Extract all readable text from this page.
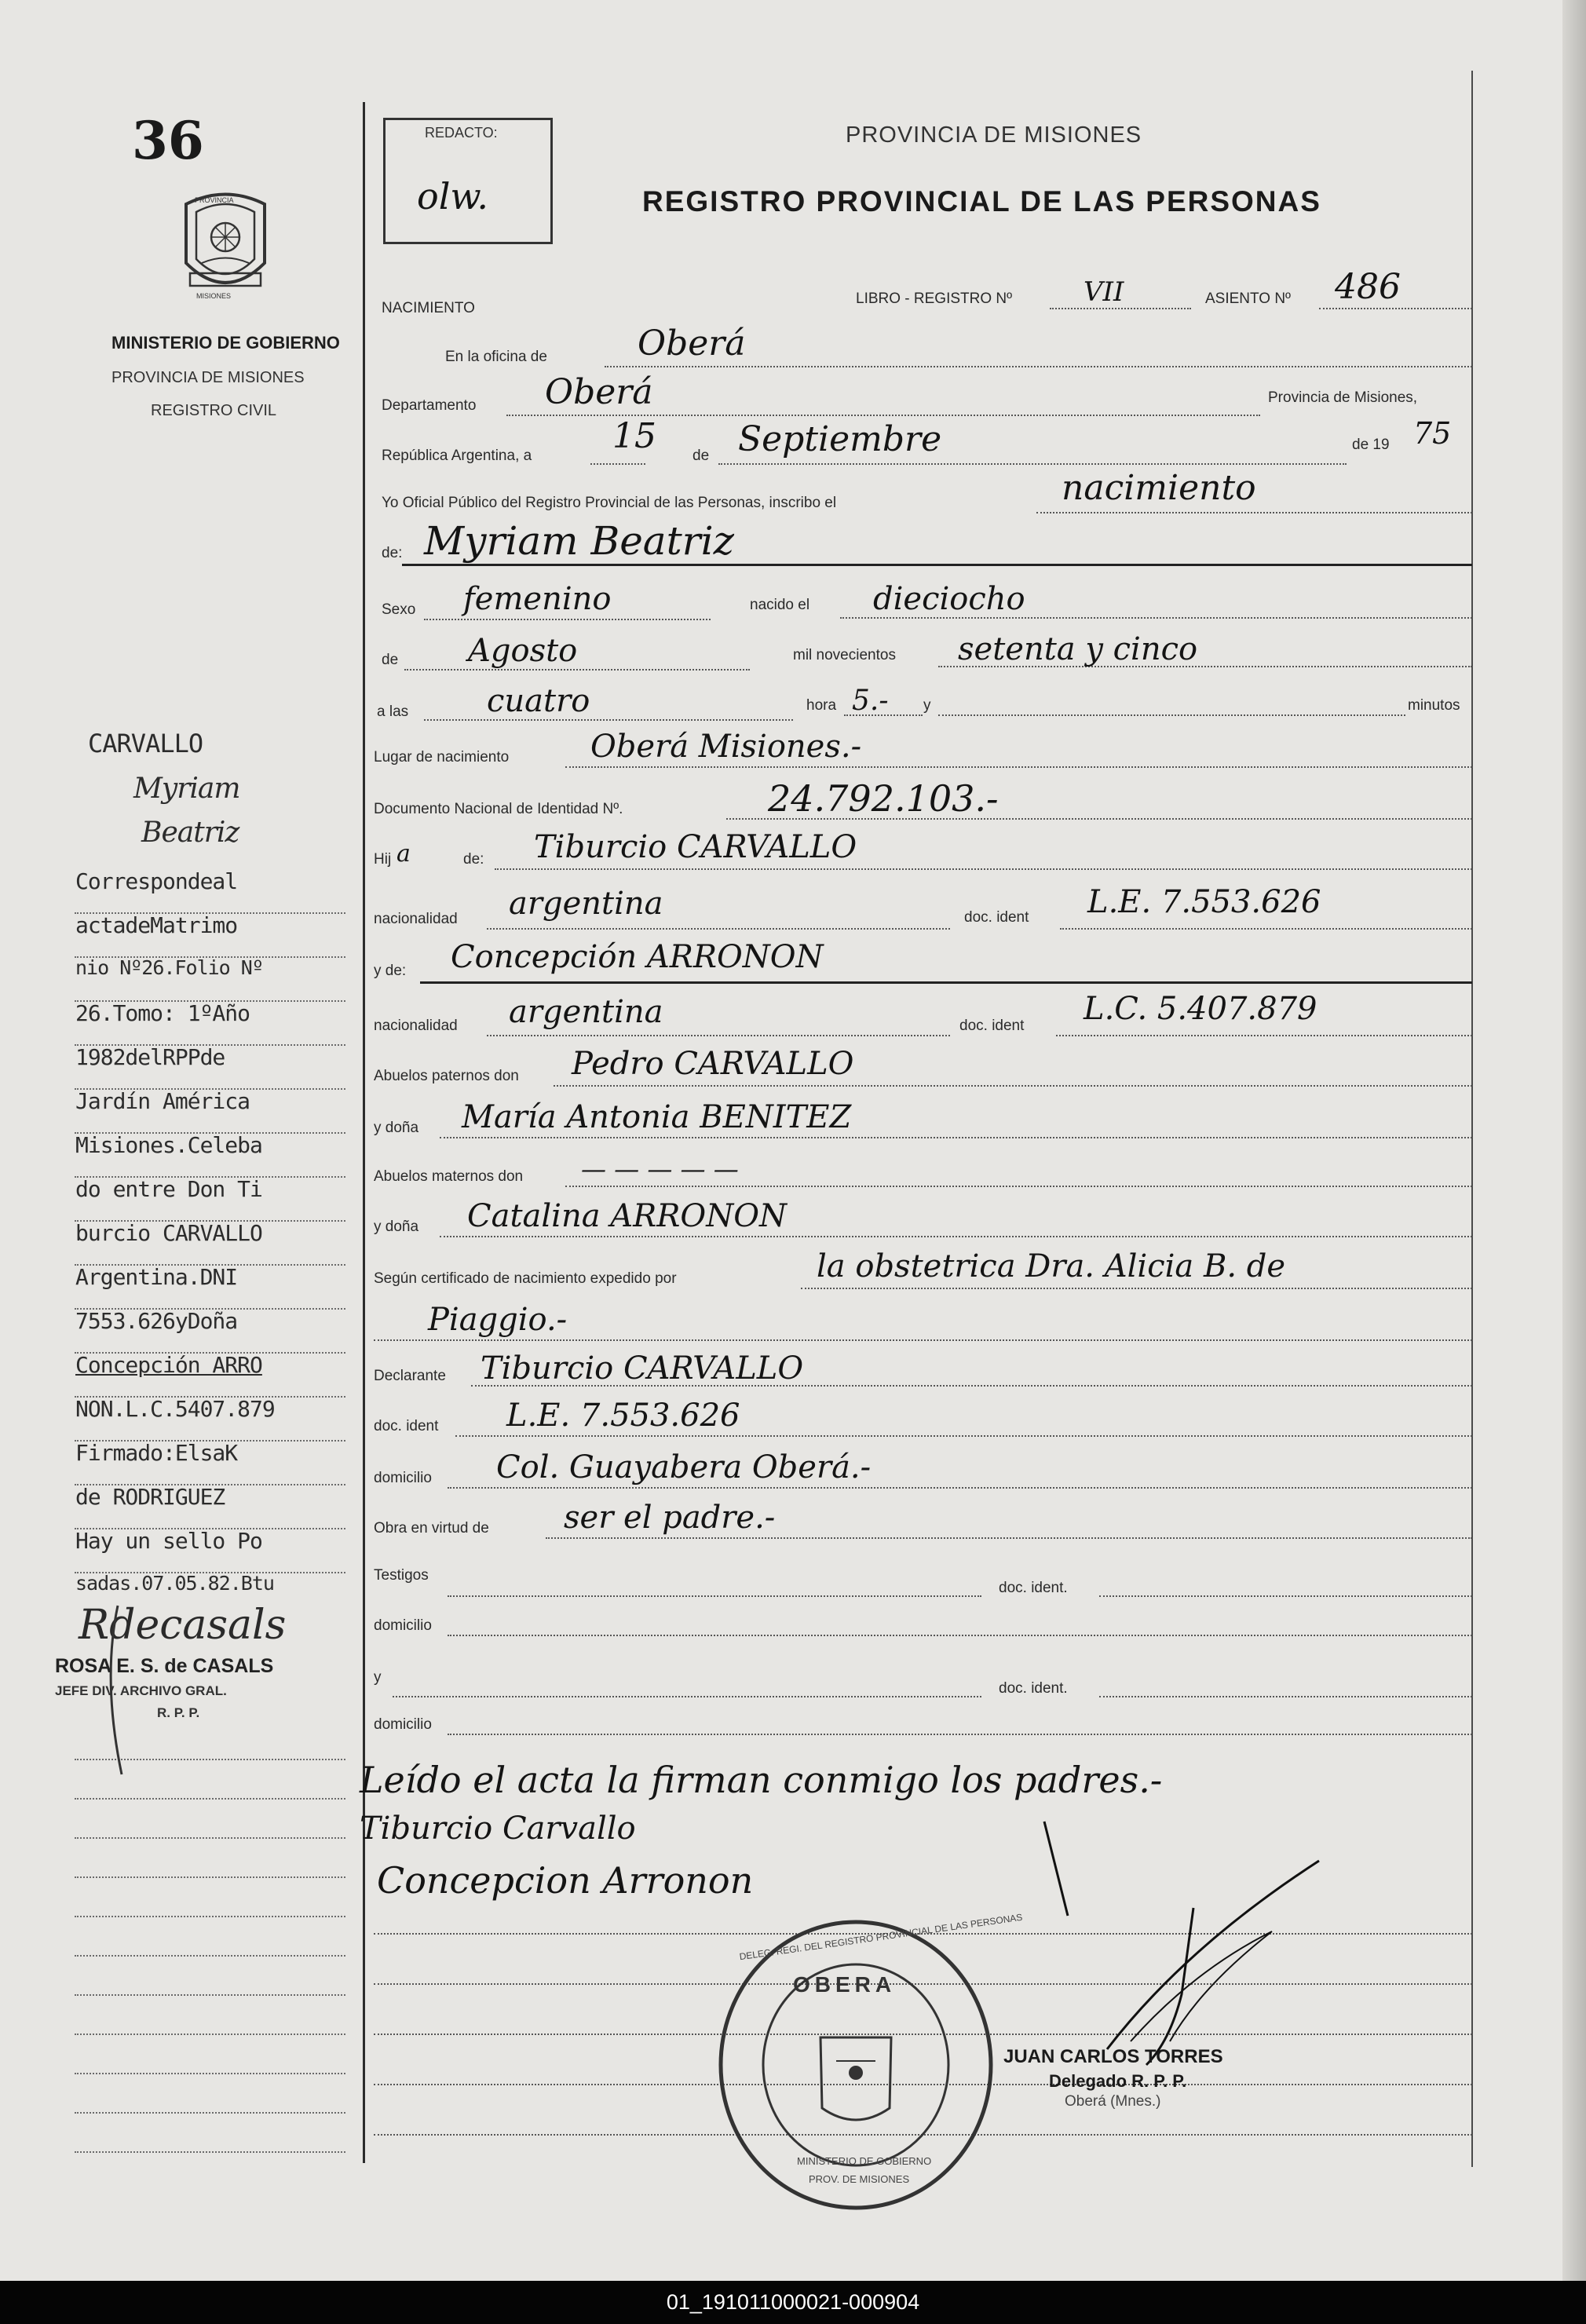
36
PROVINCIA
MISIONES
MINISTERIO DE GOBIERNO
PROVINCIA DE MISIONES
REGISTRO CIVIL
REDACTO:
olw.
PROVINCIA DE MISIONES
REGISTRO PROVINCIAL DE LAS PERSONAS
NACIMIENTO
LIBRO - REGISTRO Nº	VII	ASIENTO Nº 486
En la oficina de	Oberá
Departamento Oberá	Provincia de Misiones,
República Argentina, a 15 de Septiembre	de 19 75
Yo Oficial Público del Registro Provincial de las Personas, inscribo el	nacimiento
de: Myriam Beatriz
Sexo femenino	nacido el dieciocho
de Agosto	mil novecientos setenta y cinco
a las cuatro	hora 5.- y	minutos
Lugar de nacimiento	Oberá Misiones.-
Documento Nacional de Identidad Nº.	24.792.103.-
Hij a	de: Tiburcio CARVALLO
nacionalidad argentina	doc. ident L.E. 7.553.626
y de: Concepción ARRONON
nacionalidad argentina	doc. ident L.C. 5.407.879
Abuelos paternos don Pedro CARVALLO
y doña María Antonia BENITEZ
Abuelos maternos don — — — — —
y doña Catalina ARRONON
Según certificado de nacimiento expedido por	la obstetrica Dra. Alicia B. de
Piaggio.-
Declarante Tiburcio CARVALLO
doc. ident L.E. 7.553.626
domicilio Col. Guayabera Oberá.-
Obra en virtud de ser el padre.-
Testigos
doc. ident.
domicilio
y
doc. ident.
domicilio
Leído el acta la firman conmigo los padres.-
Tiburcio Carvallo
Concepcion Arronon
JUAN CARLOS TORRES
Delegado R. P. P.
Oberá (Mnes.)
OBERA
DELEG. REGI. DEL REGISTRO PROVINCIAL DE LAS PERSONAS
MINISTERIO DE GOBIERNO
PROV. DE MISIONES
CARVALLO
Myriam
Beatriz
Correspondeal
actadeMatrimo
nio Nº26.Folio Nº
26.Tomo: 1ºAño
1982delRPPde
Jardín América
Misiones.Celeba
do entre Don Ti
burcio CARVALLO
Argentina.DNI
7553.626yDoña
Concepción ARRO
NON.L.C.5407.879
Firmado:ElsaK
de RODRIGUEZ
Hay un sello Po
sadas.07.05.82.Btu
Rdecasals
ROSA E. S. de CASALS
JEFE DIV. ARCHIVO GRAL.
R. P. P.
01_191011000021-000904
